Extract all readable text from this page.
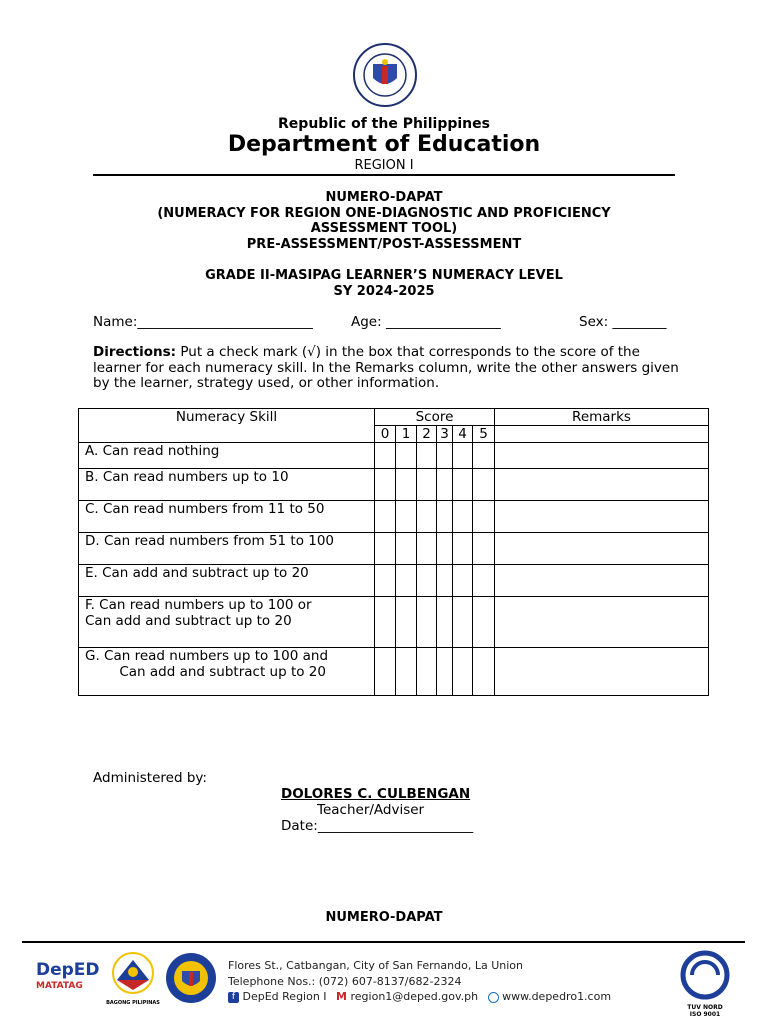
Republic of the Philippines
Department of Education
REGION I
NUMERO-DAPAT
(NUMERACY FOR REGION ONE-DIAGNOSTIC AND PROFICIENCY
ASSESSMENT TOOL)
PRE-ASSESSMENT/POST-ASSESSMENT
GRADE II-MASIPAG LEARNER’S NUMERACY LEVEL
SY 2024-2025
Name:__________________________	Age: _________________	Sex: ________
Directions: Put a check mark (√) in the box that corresponds to the score of the learner for each numeracy skill. In the Remarks column, write the other answers given by the learner, strategy used, or other information.
Numeracy Skill	Score						Remarks
	0	1	2	3	4	5	

A. Can read nothing							

B. Can read numbers up to 10							

C. Can read numbers from 11 to 50							

D. Can read numbers from 51 to 100							

E. Can add and subtract up to 20							

F. Can read numbers up to 100 or
Can add and subtract up to 20							

G. Can read numbers up to 100 and
Can add and subtract up to 20							

Administered by:
DOLORES C. CULBENGAN
Teacher/Adviser
Date:_______________________
NUMERO-DAPAT
DepED
MATATAG
BAGONG PILIPINAS
Flores St., Catbangan, City of San Fernando, La Union
Telephone Nos.: (072) 607-8137/682-2324
f DepEd Region I M region1@deped.gov.ph www.depedro1.com
TUV NORD
ISO 9001
